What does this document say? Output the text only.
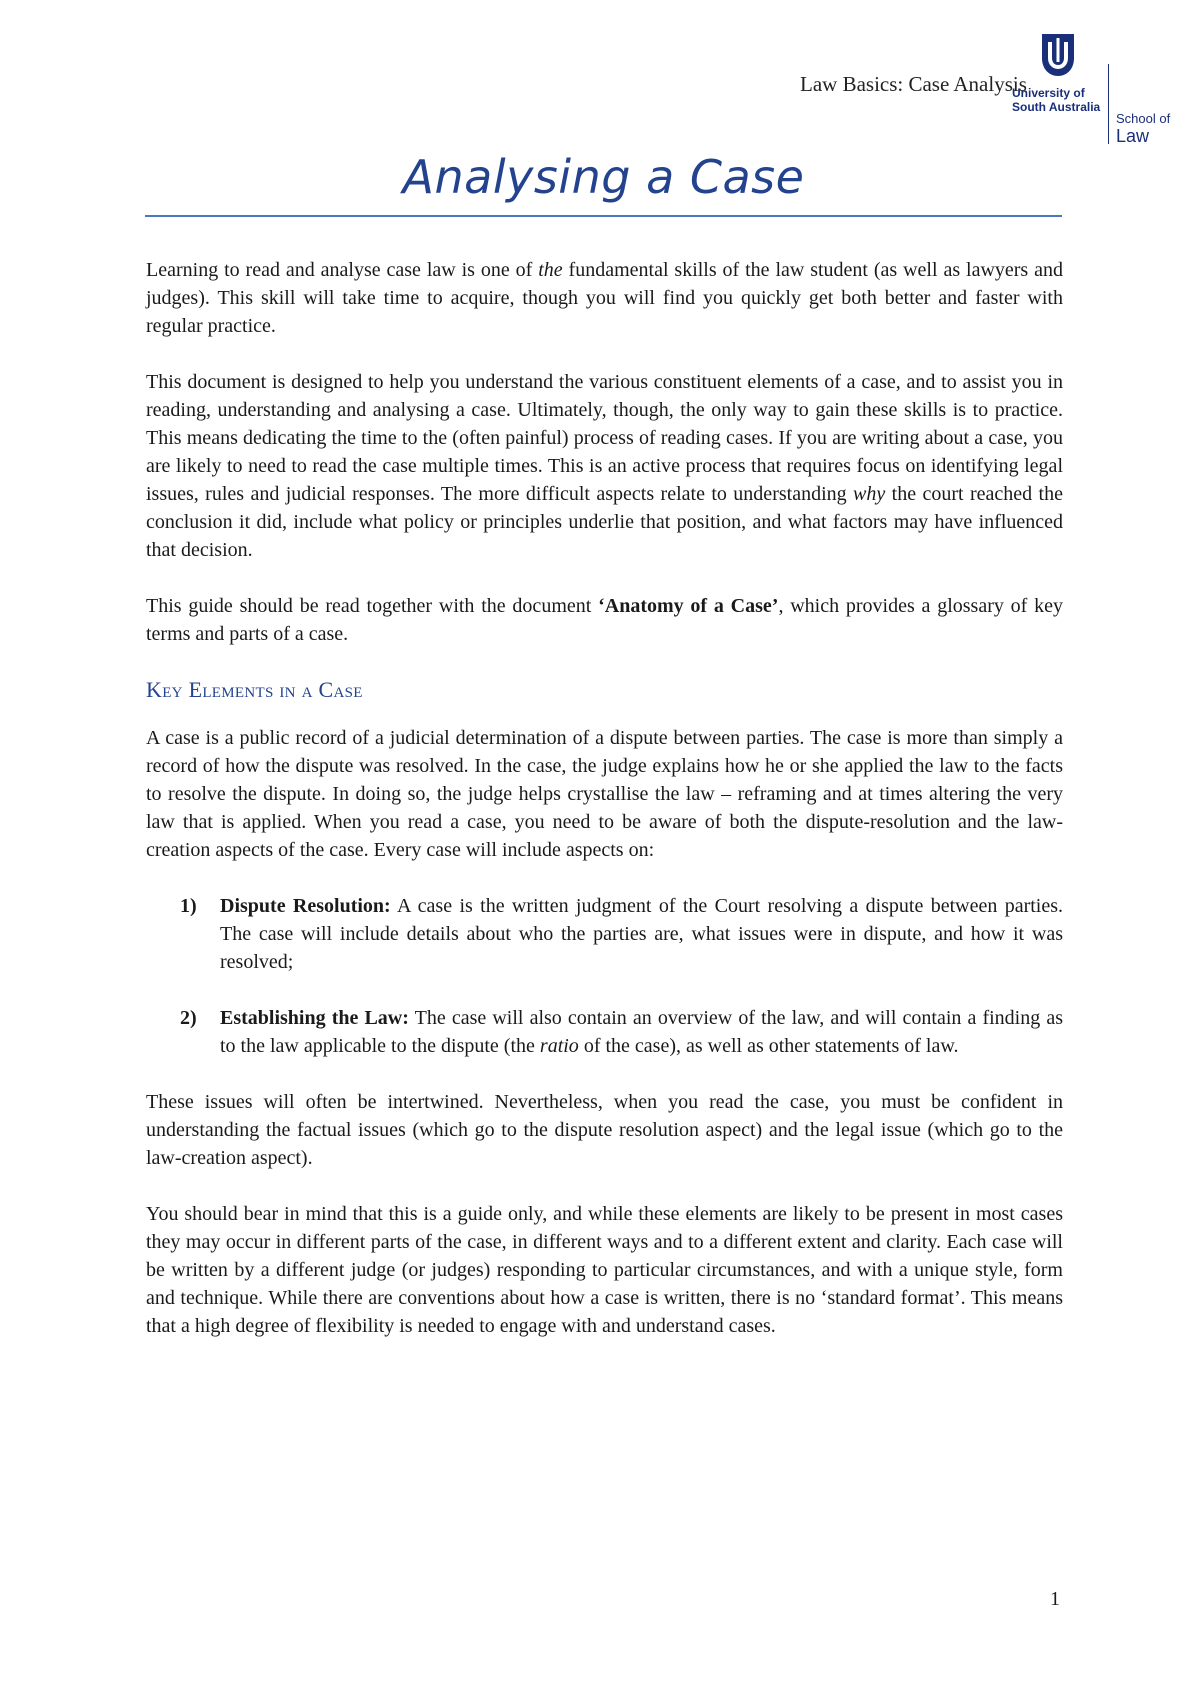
Law Basics: Case Analysis
University of
South Australia
School of
Law
Analysing a Case

Learning to read and analyse case law is one of the fundamental skills of the law student (as well as lawyers and judges). This skill will take time to acquire, though you will find you quickly get both better and faster with regular practice.

This document is designed to help you understand the various constituent elements of a case, and to assist you in reading, understanding and analysing a case. Ultimately, though, the only way to gain these skills is to practice. This means dedicating the time to the (often painful) process of reading cases. If you are writing about a case, you are likely to need to read the case multiple times. This is an active process that requires focus on identifying legal issues, rules and judicial responses. The more difficult aspects relate to understanding why the court reached the conclusion it did, include what policy or principles underlie that position, and what factors may have influenced that decision.

This guide should be read together with the document ‘Anatomy of a Case’, which provides a glossary of key terms and parts of a case.

Key Elements in a Case

A case is a public record of a judicial determination of a dispute between parties. The case is more than simply a record of how the dispute was resolved. In the case, the judge explains how he or she applied the law to the facts to resolve the dispute. In doing so, the judge helps crystallise the law – reframing and at times altering the very law that is applied. When you read a case, you need to be aware of both the dispute-resolution and the law-creation aspects of the case. Every case will include aspects on:

1) Dispute Resolution: A case is the written judgment of the Court resolving a dispute between parties. The case will include details about who the parties are, what issues were in dispute, and how it was resolved;
2) Establishing the Law: The case will also contain an overview of the law, and will contain a finding as to the law applicable to the dispute (the ratio of the case), as well as other statements of law.

These issues will often be intertwined. Nevertheless, when you read the case, you must be confident in understanding the factual issues (which go to the dispute resolution aspect) and the legal issue (which go to the law-creation aspect).

You should bear in mind that this is a guide only, and while these elements are likely to be present in most cases they may occur in different parts of the case, in different ways and to a different extent and clarity. Each case will be written by a different judge (or judges) responding to particular circumstances, and with a unique style, form and technique. While there are conventions about how a case is written, there is no ‘standard format’. This means that a high degree of flexibility is needed to engage with and understand cases.

1
